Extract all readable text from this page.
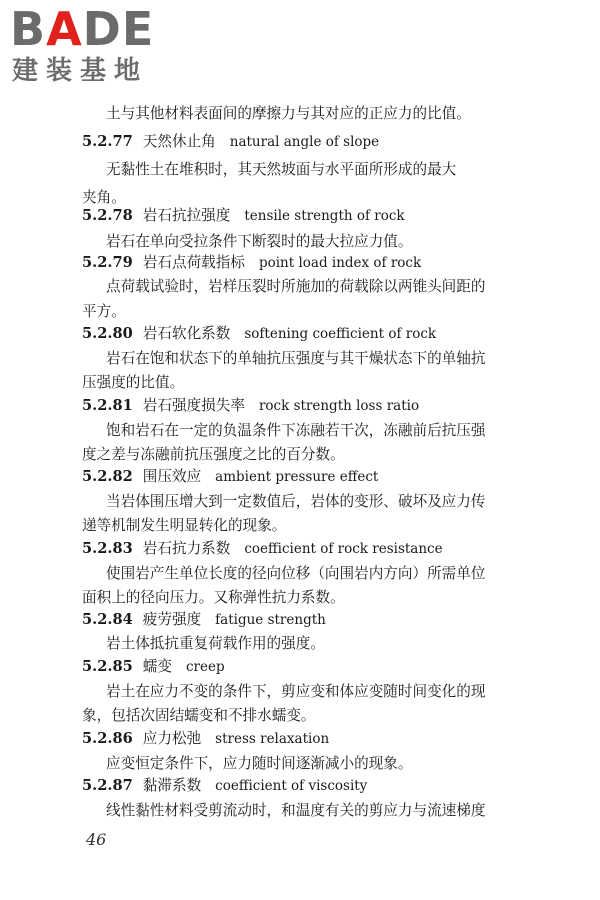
BADE
建装基地
土与其他材料表面间的摩擦力与其对应的正应力的比值。
5.2.77 天然休止角 natural angle of slope
无黏性土在堆积时，其天然坡面与水平面所形成的最大
夹角。
5.2.78 岩石抗拉强度 tensile strength of rock
岩石在单向受拉条件下断裂时的最大拉应力值。
5.2.79 岩石点荷载指标 point load index of rock
点荷载试验时，岩样压裂时所施加的荷载除以两锥头间距的
平方。
5.2.80 岩石软化系数 softening coefficient of rock
岩石在饱和状态下的单轴抗压强度与其干燥状态下的单轴抗
压强度的比值。
5.2.81 岩石强度损失率 rock strength loss ratio
饱和岩石在一定的负温条件下冻融若干次，冻融前后抗压强
度之差与冻融前抗压强度之比的百分数。
5.2.82 围压效应 ambient pressure effect
当岩体围压增大到一定数值后，岩体的变形、破坏及应力传
递等机制发生明显转化的现象。
5.2.83 岩石抗力系数 coefficient of rock resistance
使围岩产生单位长度的径向位移（向围岩内方向）所需单位
面积上的径向压力。又称弹性抗力系数。
5.2.84 疲劳强度 fatigue strength
岩土体抵抗重复荷载作用的强度。
5.2.85 蠕变 creep
岩土在应力不变的条件下，剪应变和体应变随时间变化的现
象，包括次固结蠕变和不排水蠕变。
5.2.86 应力松弛 stress relaxation
应变恒定条件下，应力随时间逐渐减小的现象。
5.2.87 黏滞系数 coefficient of viscosity
线性黏性材料受剪流动时，和温度有关的剪应力与流速梯度
46
